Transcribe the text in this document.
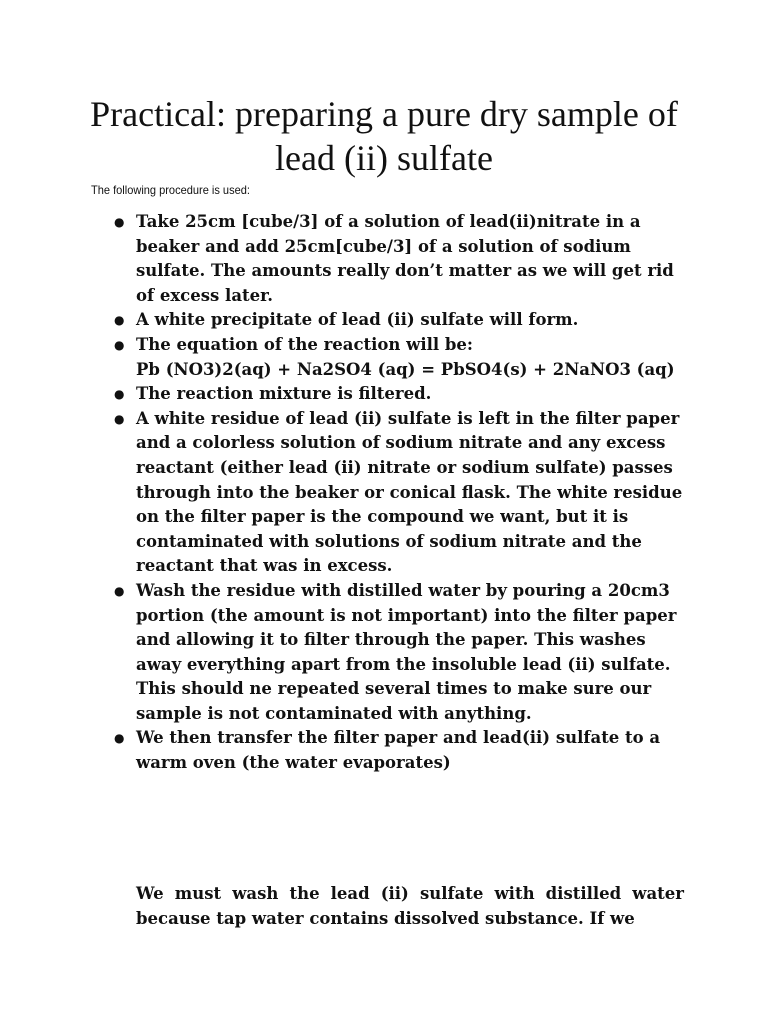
Practical: preparing a pure dry sample of lead (ii) sulfate
The following procedure is used:
● Take 25cm [cube/3] of a solution of lead(ii)nitrate in a beaker and add 25cm[cube/3] of a solution of sodium sulfate. The amounts really don’t matter as we will get rid of excess later.
● A white precipitate of lead (ii) sulfate will form.
● The equation of the reaction will be:
Pb (NO3)2(aq) + Na2SO4 (aq) = PbSO4(s) + 2NaNO3 (aq)
● The reaction mixture is filtered.
● A white residue of lead (ii) sulfate is left in the filter paper and a colorless solution of sodium nitrate and any excess reactant (either lead (ii) nitrate or sodium sulfate) passes through into the beaker or conical flask. The white residue on the filter paper is the compound we want, but it is contaminated with solutions of sodium nitrate and the reactant that was in excess.
● Wash the residue with distilled water by pouring a 20cm3 portion (the amount is not important) into the filter paper and allowing it to filter through the paper. This washes away everything apart from the insoluble lead (ii) sulfate. This should ne repeated several times to make sure our sample is not contaminated with anything.
● We then transfer the filter paper and lead(ii) sulfate to a warm oven (the water evaporates)

We must wash the lead (ii) sulfate with distilled water because tap water contains dissolved substance. If we
